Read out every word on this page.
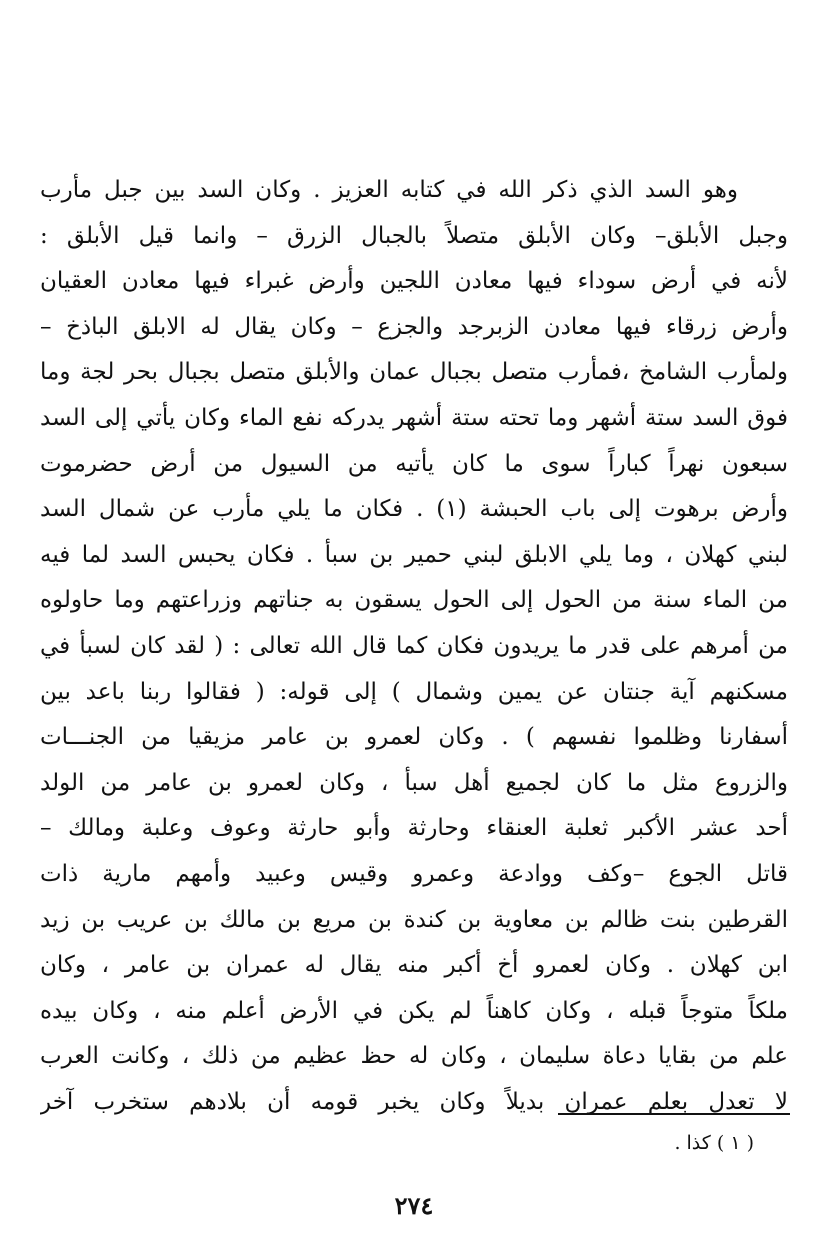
وهو السد الذي ذكر الله في كتابه العزيز . وكان السد بين جبل مأرب
وجبل الأبلق– وكان الأبلق متصلاً بالجبال الزرق – وانما قيل الأبلق :
لأنه في أرض سوداء فيها معادن اللجين وأرض غبراء فيها معادن العقيان
وأرض زرقاء فيها معادن الزبرجد والجزع – وكان يقال له الابلق الباذخ –
ولمأرب الشامخ ،فمأرب متصل بجبال عمان والأبلق متصل بجبال بحر لجة وما
فوق السد ستة أشهر وما تحته ستة أشهر يدركه نفع الماء وكان يأتي إلى السد
سبعون نهراً كباراً سوى ما كان يأتيه من السيول من أرض حضرموت
وأرض برهوت إلى باب الحبشة (١) . فكان ما يلي مأرب عن شمال السد
لبني كهلان ، وما يلي الابلق لبني حمير بن سبأ . فكان يحبس السد لما فيه
من الماء سنة من الحول إلى الحول يسقون به جناتهم وزراعتهم وما حاولوه
من أمرهم على قدر ما يريدون فكان كما قال الله تعالى : ( لقد كان لسبأ في
مسكنهم آية جنتان عن يمين وشمال ) إلى قوله: ( فقالوا ربنا باعد بين
أسفارنا وظلموا نفسهم ) . وكان لعمرو بن عامر مزيقيا من الجنـــات
والزروع مثل ما كان لجميع أهل سبأ ، وكان لعمرو بن عامر من الولد
أحد عشر الأكبر ثعلبة العنقاء وحارثة وأبو حارثة وعوف وعلبة ومالك –
قاتل الجوع –وكف ووادعة وعمرو وقيس وعبيد وأمهم مارية ذات
القرطين بنت ظالم بن معاوية بن كندة بن مريع بن مالك بن عريب بن زيد
ابن كهلان . وكان لعمرو أخ أكبر منه يقال له عمران بن عامر ، وكان
ملكاً متوجاً قبله ، وكان كاهناً لم يكن في الأرض أعلم منه ، وكان بيده
علم من بقايا دعاة سليمان ، وكان له حظ عظيم من ذلك ، وكانت العرب
لا تعدل بعلم عمران بديلاً وكان يخبر قومه أن بلادهم ستخرب آخر
( ١ ) كذا .
٢٧٤
